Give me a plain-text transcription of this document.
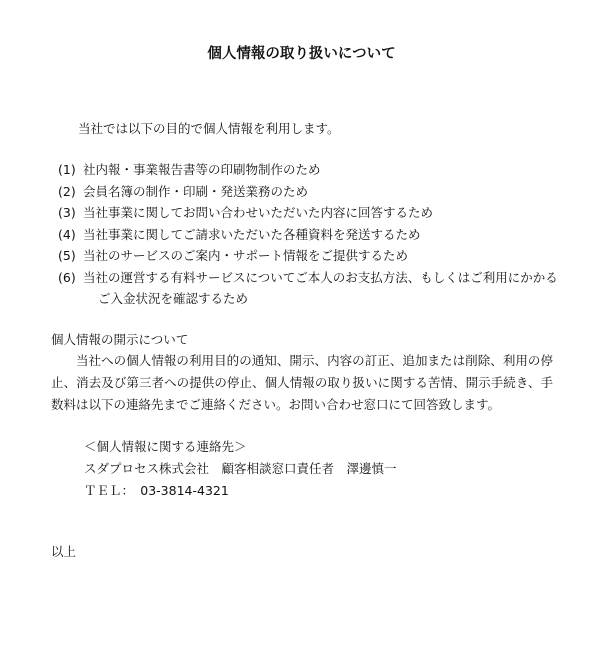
個人情報の取り扱いについて
当社では以下の目的で個人情報を利用します。
(1) 社内報・事業報告書等の印刷物制作のため
(2) 会員名簿の制作・印刷・発送業務のため
(3) 当社事業に関してお問い合わせいただいた内容に回答するため
(4) 当社事業に関してご請求いただいた各種資料を発送するため
(5) 当社のサービスのご案内・サポート情報をご提供するため
(6) 当社の運営する有料サービスについてご本人のお支払方法、もしくはご利用にかかる
ご入金状況を確認するため
個人情報の開示について
当社への個人情報の利用目的の通知、開示、内容の訂正、追加または削除、利用の停止、消去及び第三者への提供の停止、個人情報の取り扱いに関する苦情、開示手続き、手数料は以下の連絡先までご連絡ください。お問い合わせ窓口にて回答致します。
＜個人情報に関する連絡先＞
スダプロセス株式会社　顧客相談窓口責任者　澤邊慎一
ＴＥＬ：　03-3814-4321
以上
